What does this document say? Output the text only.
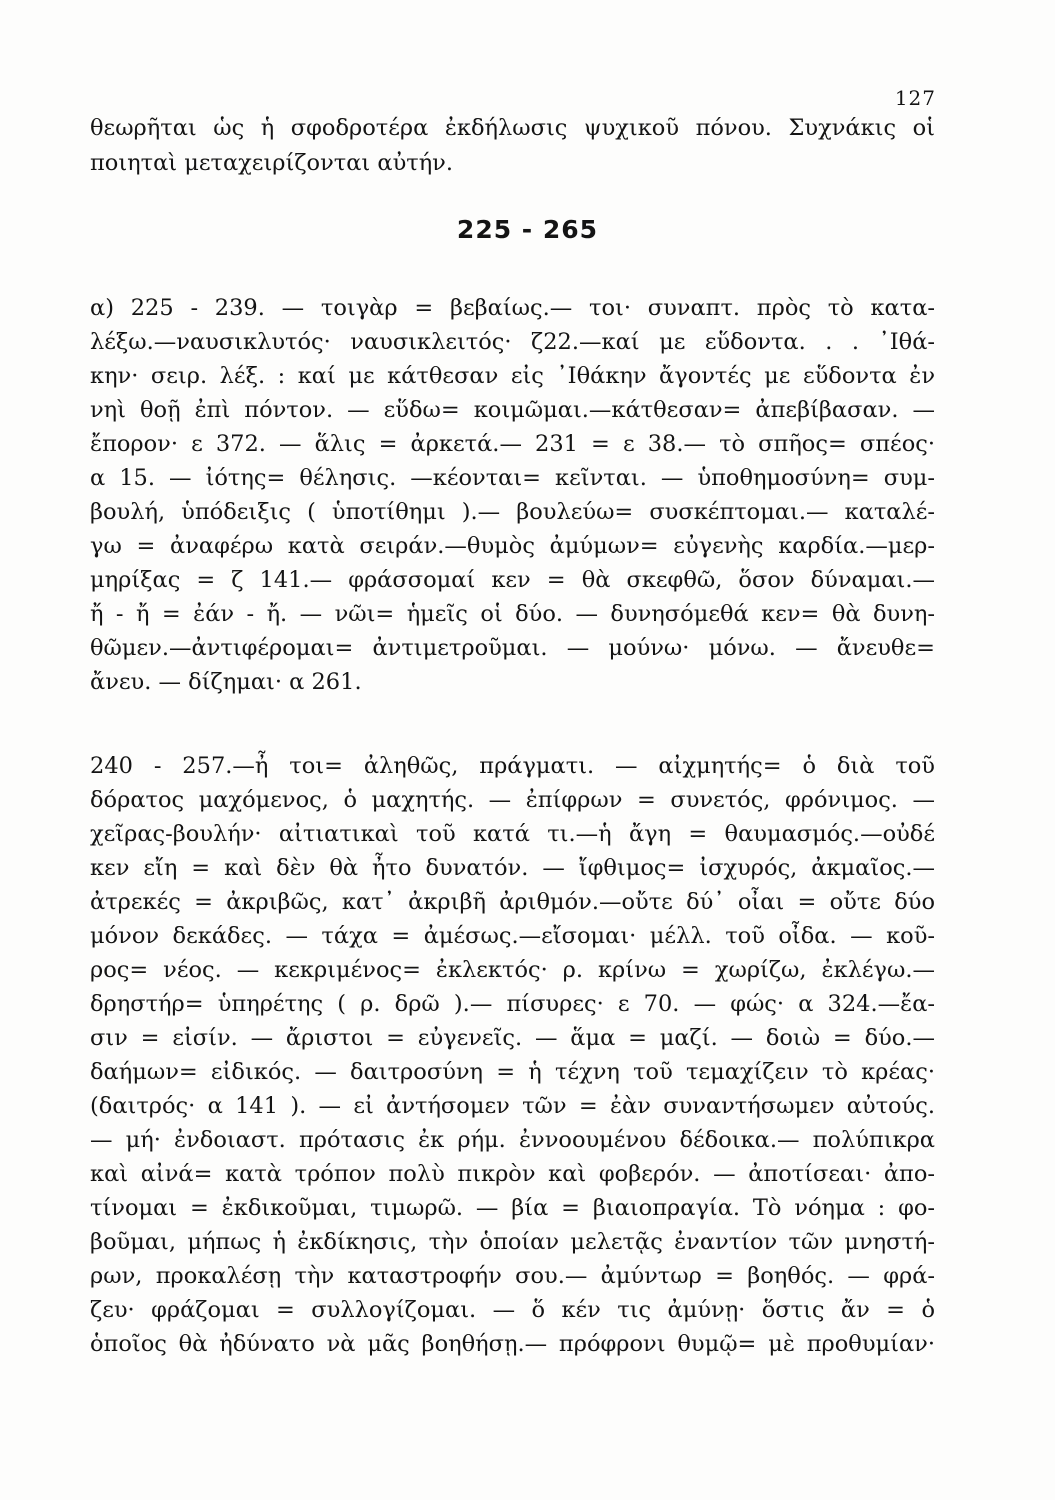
127
θεωρῆται ὡς ἡ σφοδροτέρα ἐκδήλωσις ψυχικοῦ πόνου. Συχνάκις οἱ
ποιηταὶ μεταχειρίζονται αὐτήν.
225 - 265
α) 225 - 239. — τοιγὰρ = βεβαίως.— τοι· συναπτ. πρὸς τὸ κατα-
λέξω.—ναυσικλυτός· ναυσικλειτός· ζ22.—καί με εὕδοντα. . . ᾿Ιθά-
κην· σειρ. λέξ. : καί με κάτθεσαν εἰς ᾿Ιθάκην ἄγοντές με εὕδοντα ἐν
νηὶ θοῇ ἐπὶ πόντον. — εὕδω= κοιμῶμαι.—κάτθεσαν= ἀπεβίβασαν. —
ἔπορον· ε 372. — ἅλις = ἀρκετά.— 231 = ε 38.— τὸ σπῆος= σπέος·
α 15. — ἰότης= θέλησις. —κέονται= κεῖνται. — ὑποθημοσύνη= συμ-
βουλή, ὑπόδειξις ( ὑποτίθημι ).— βουλεύω= συσκέπτομαι.— καταλέ-
γω = ἀναφέρω κατὰ σειράν.—θυμὸς ἀμύμων= εὐγενὴς καρδία.—μερ-
μηρίξας = ζ 141.— φράσσομαί κεν = θὰ σκεφθῶ, ὅσον δύναμαι.—
ἤ - ἤ = ἐάν - ἤ. — νῶι= ἡμεῖς οἱ δύο. — δυνησόμεθά κεν= θὰ δυνη-
θῶμεν.—ἀντιφέρομαι= ἀντιμετροῦμαι. — μούνω· μόνω. — ἄνευθε=
ἄνευ. — δίζημαι· α 261.
240 - 257.—ἦ τοι= ἀληθῶς, πράγματι. — αἰχμητής= ὁ διὰ τοῦ
δόρατος μαχόμενος, ὁ μαχητής. — ἐπίφρων = συνετός, φρόνιμος. —
χεῖρας-βουλήν· αἰτιατικαὶ τοῦ κατά τι.—ἡ ἄγη = θαυμασμός.—οὐδέ
κεν εἴη = καὶ δὲν θὰ ἦτο δυνατόν. — ἴφθιμος= ἰσχυρός, ἀκμαῖος.—
ἀτρεκές = ἀκριβῶς, κατ᾿ ἀκριβῆ ἀριθμόν.—οὔτε δύ᾿ οἶαι = οὔτε δύο
μόνον δεκάδες. — τάχα = ἀμέσως.—εἴσομαι· μέλλ. τοῦ οἶδα. — κοῦ-
ρος= νέος. — κεκριμένος= ἐκλεκτός· ρ. κρίνω = χωρίζω, ἐκλέγω.—
δρηστήρ= ὑπηρέτης ( ρ. δρῶ ).— πίσυρες· ε 70. — φώς· α 324.—ἔα-
σιν = εἰσίν. — ἄριστοι = εὐγενεῖς. — ἅμα = μαζί. — δοιὼ = δύο.—
δαήμων= εἰδικός. — δαιτροσύνη = ἡ τέχνη τοῦ τεμαχίζειν τὸ κρέας·
(δαιτρός· α 141 ). — εἰ ἀντήσομεν τῶν = ἐὰν συναντήσωμεν αὐτούς.
— μή· ἐνδοιαστ. πρότασις ἐκ ρήμ. ἐννοουμένου δέδοικα.— πολύπικρα
καὶ αἰνά= κατὰ τρόπον πολὺ πικρὸν καὶ φοβερόν. — ἀποτίσεαι· ἀπο-
τίνομαι = ἐκδικοῦμαι, τιμωρῶ. — βία = βιαιοπραγία. Τὸ νόημα : φο-
βοῦμαι, μήπως ἡ ἐκδίκησις, τὴν ὁποίαν μελετᾷς ἐναντίον τῶν μνηστή-
ρων, προκαλέσῃ τὴν καταστροφήν σου.— ἀμύντωρ = βοηθός. — φρά-
ζευ· φράζομαι = συλλογίζομαι. — ὅ κέν τις ἀμύνῃ· ὅστις ἄν = ὁ
ὁποῖος θὰ ἠδύνατο νὰ μᾶς βοηθήσῃ.— πρόφρονι θυμῷ= μὲ προθυμίαν·
